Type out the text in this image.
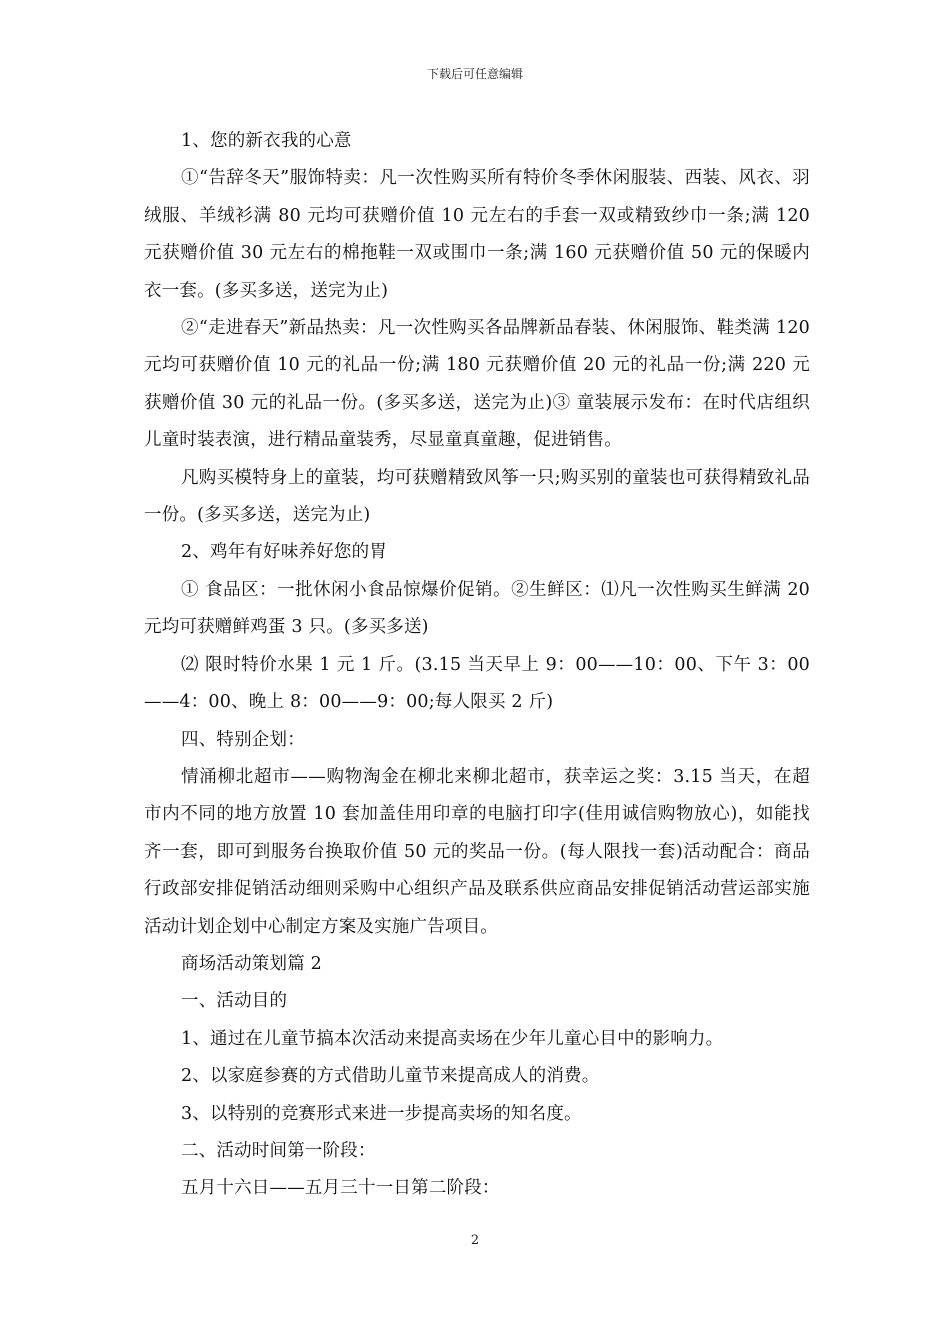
下载后可任意编辑

1、您的新衣我的心意

①“告辞冬天”服饰特卖：凡一次性购买所有特价冬季休闲服装、西装、风衣、羽绒服、羊绒衫满 80 元均可获赠价值 10 元左右的手套一双或精致纱巾一条;满 120 元获赠价值 30 元左右的棉拖鞋一双或围巾一条;满 160 元获赠价值 50 元的保暖内衣一套。(多买多送，送完为止)

②“走进春天”新品热卖：凡一次性购买各品牌新品春装、休闲服饰、鞋类满 120 元均可获赠价值 10 元的礼品一份;满 180 元获赠价值 20 元的礼品一份;满 220 元获赠价值 30 元的礼品一份。(多买多送，送完为止)③ 童装展示发布：在时代店组织儿童时装表演，进行精品童装秀，尽显童真童趣，促进销售。

凡购买模特身上的童装，均可获赠精致风筝一只;购买别的童装也可获得精致礼品一份。(多买多送，送完为止)

2、鸡年有好味养好您的胃

① 食品区：一批休闲小食品惊爆价促销。②生鲜区：⑴凡一次性购买生鲜满 20 元均可获赠鲜鸡蛋 3 只。(多买多送)

⑵ 限时特价水果 1 元 1 斤。(3.15 当天早上 9：00——10：00、下午 3：00——4：00、晚上 8：00——9：00;每人限买 2 斤)

四、特别企划：

情涌柳北超市——购物淘金在柳北来柳北超市，获幸运之奖：3.15 当天，在超市内不同的地方放置 10 套加盖佳用印章的电脑打印字(佳用诚信购物放心)，如能找齐一套，即可到服务台换取价值 50 元的奖品一份。(每人限找一套)活动配合：商品行政部安排促销活动细则采购中心组织产品及联系供应商品安排促销活动营运部实施活动计划企划中心制定方案及实施广告项目。

商场活动策划篇 2

一、活动目的

1、通过在儿童节搞本次活动来提高卖场在少年儿童心目中的影响力。

2、以家庭参赛的方式借助儿童节来提高成人的消费。

3、以特别的竞赛形式来进一步提高卖场的知名度。

二、活动时间第一阶段：

五月十六日——五月三十一日第二阶段：

2
